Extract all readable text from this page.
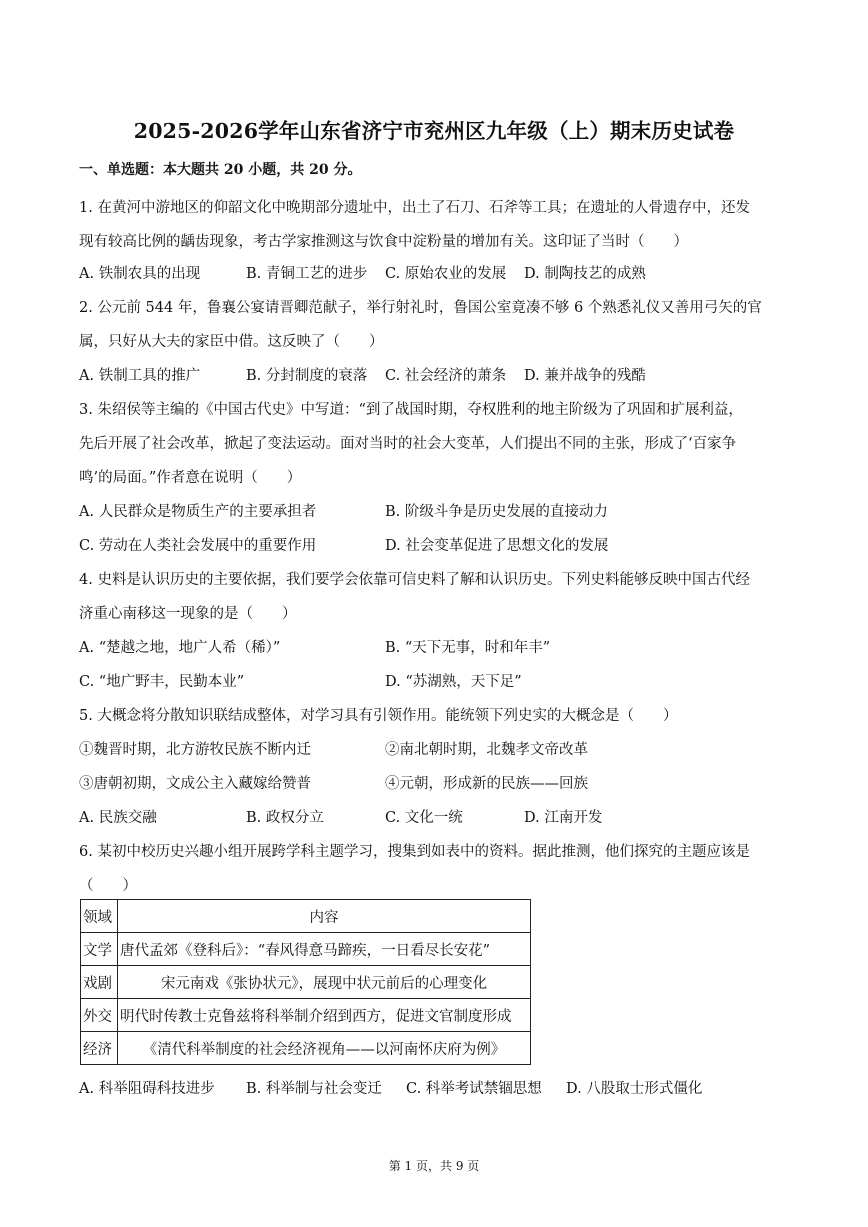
2025-2026学年山东省济宁市兖州区九年级（上）期末历史试卷
一、单选题：本大题共 20 小题，共 20 分。
1. 在黄河中游地区的仰韶文化中晚期部分遗址中，出土了石刀、石斧等工具；在遗址的人骨遗存中，还发
现有较高比例的龋齿现象，考古学家推测这与饮食中淀粉量的增加有关。这印证了当时（　　）
A. 铁制农具的出现	B. 青铜工艺的进步 C. 原始农业的发展 D. 制陶技艺的成熟
2. 公元前 544 年，鲁襄公宴请晋卿范献子，举行射礼时，鲁国公室竟凑不够 6 个熟悉礼仪又善用弓矢的官
属，只好从大夫的家臣中借。这反映了（　　）
A. 铁制工具的推广	B. 分封制度的衰落 C. 社会经济的萧条 D. 兼并战争的残酷
3. 朱绍侯等主编的《中国古代史》中写道：“到了战国时期，夺权胜利的地主阶级为了巩固和扩展利益，
先后开展了社会改革，掀起了变法运动。面对当时的社会大变革，人们提出不同的主张，形成了‘百家争
鸣’的局面。”作者意在说明（　　）
A. 人民群众是物质生产的主要承担者	B. 阶级斗争是历史发展的直接动力
C. 劳动在人类社会发展中的重要作用	D. 社会变革促进了思想文化的发展
4. 史料是认识历史的主要依据，我们要学会依靠可信史料了解和认识历史。下列史料能够反映中国古代经
济重心南移这一现象的是（　　）
A. “楚越之地，地广人希（稀）”	B. “天下无事，时和年丰”
C. “地广野丰，民勤本业”	D. “苏湖熟，天下足”
5. 大概念将分散知识联结成整体，对学习具有引领作用。能统领下列史实的大概念是（　　）
①魏晋时期，北方游牧民族不断内迁	②南北朝时期，北魏孝文帝改革
③唐朝初期，文成公主入藏嫁给赞普	④元朝，形成新的民族——回族
A. 民族交融	B. 政权分立	C. 文化一统	D. 江南开发
6. 某初中校历史兴趣小组开展跨学科主题学习，搜集到如表中的资料。据此推测，他们探究的主题应该是
（　　）
领域	内容
文学	唐代孟郊《登科后》：“春风得意马蹄疾，一日看尽长安花”
戏剧	宋元南戏《张协状元》，展现中状元前后的心理变化
外交	明代时传教士克鲁兹将科举制介绍到西方，促进文官制度形成
经济	《清代科举制度的社会经济视角——以河南怀庆府为例》
A. 科举阻碍科技进步 B. 科举制与社会变迁 C. 科举考试禁锢思想 D. 八股取士形式僵化
第 1 页，共 9 页
